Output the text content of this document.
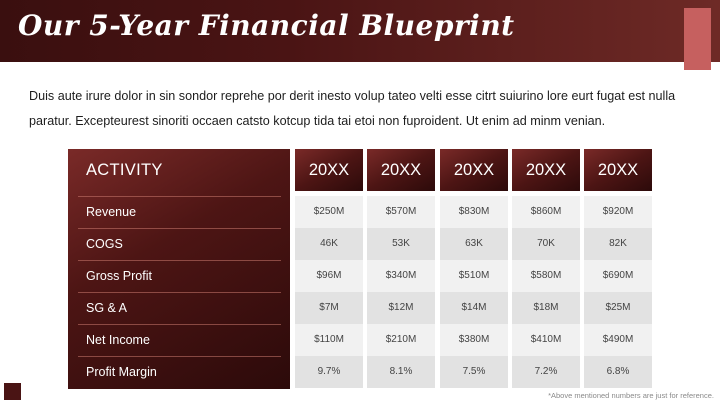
Our 5-Year Financial Blueprint
Duis aute irure dolor in sin sondor reprehe por derit inesto volup tateo velti esse citrt suiurino lore eurt fugat est nulla paratur. Excepteurest sinoriti occaen catsto kotcup tida tai etoi non fuproident. Ut enim ad minm venian.
ACTIVITY
Revenue
COGS
Gross Profit
SG & A
Net Income
Profit Margin
20XX
$250M
46K
$96M
$7M
$110M
9.7%
20XX
$570M
53K
$340M
$12M
$210M
8.1%
20XX
$830M
63K
$510M
$14M
$380M
7.5%
20XX
$860M
70K
$580M
$18M
$410M
7.2%
20XX
$920M
82K
$690M
$25M
$490M
6.8%
*Above mentioned numbers are just for reference.
